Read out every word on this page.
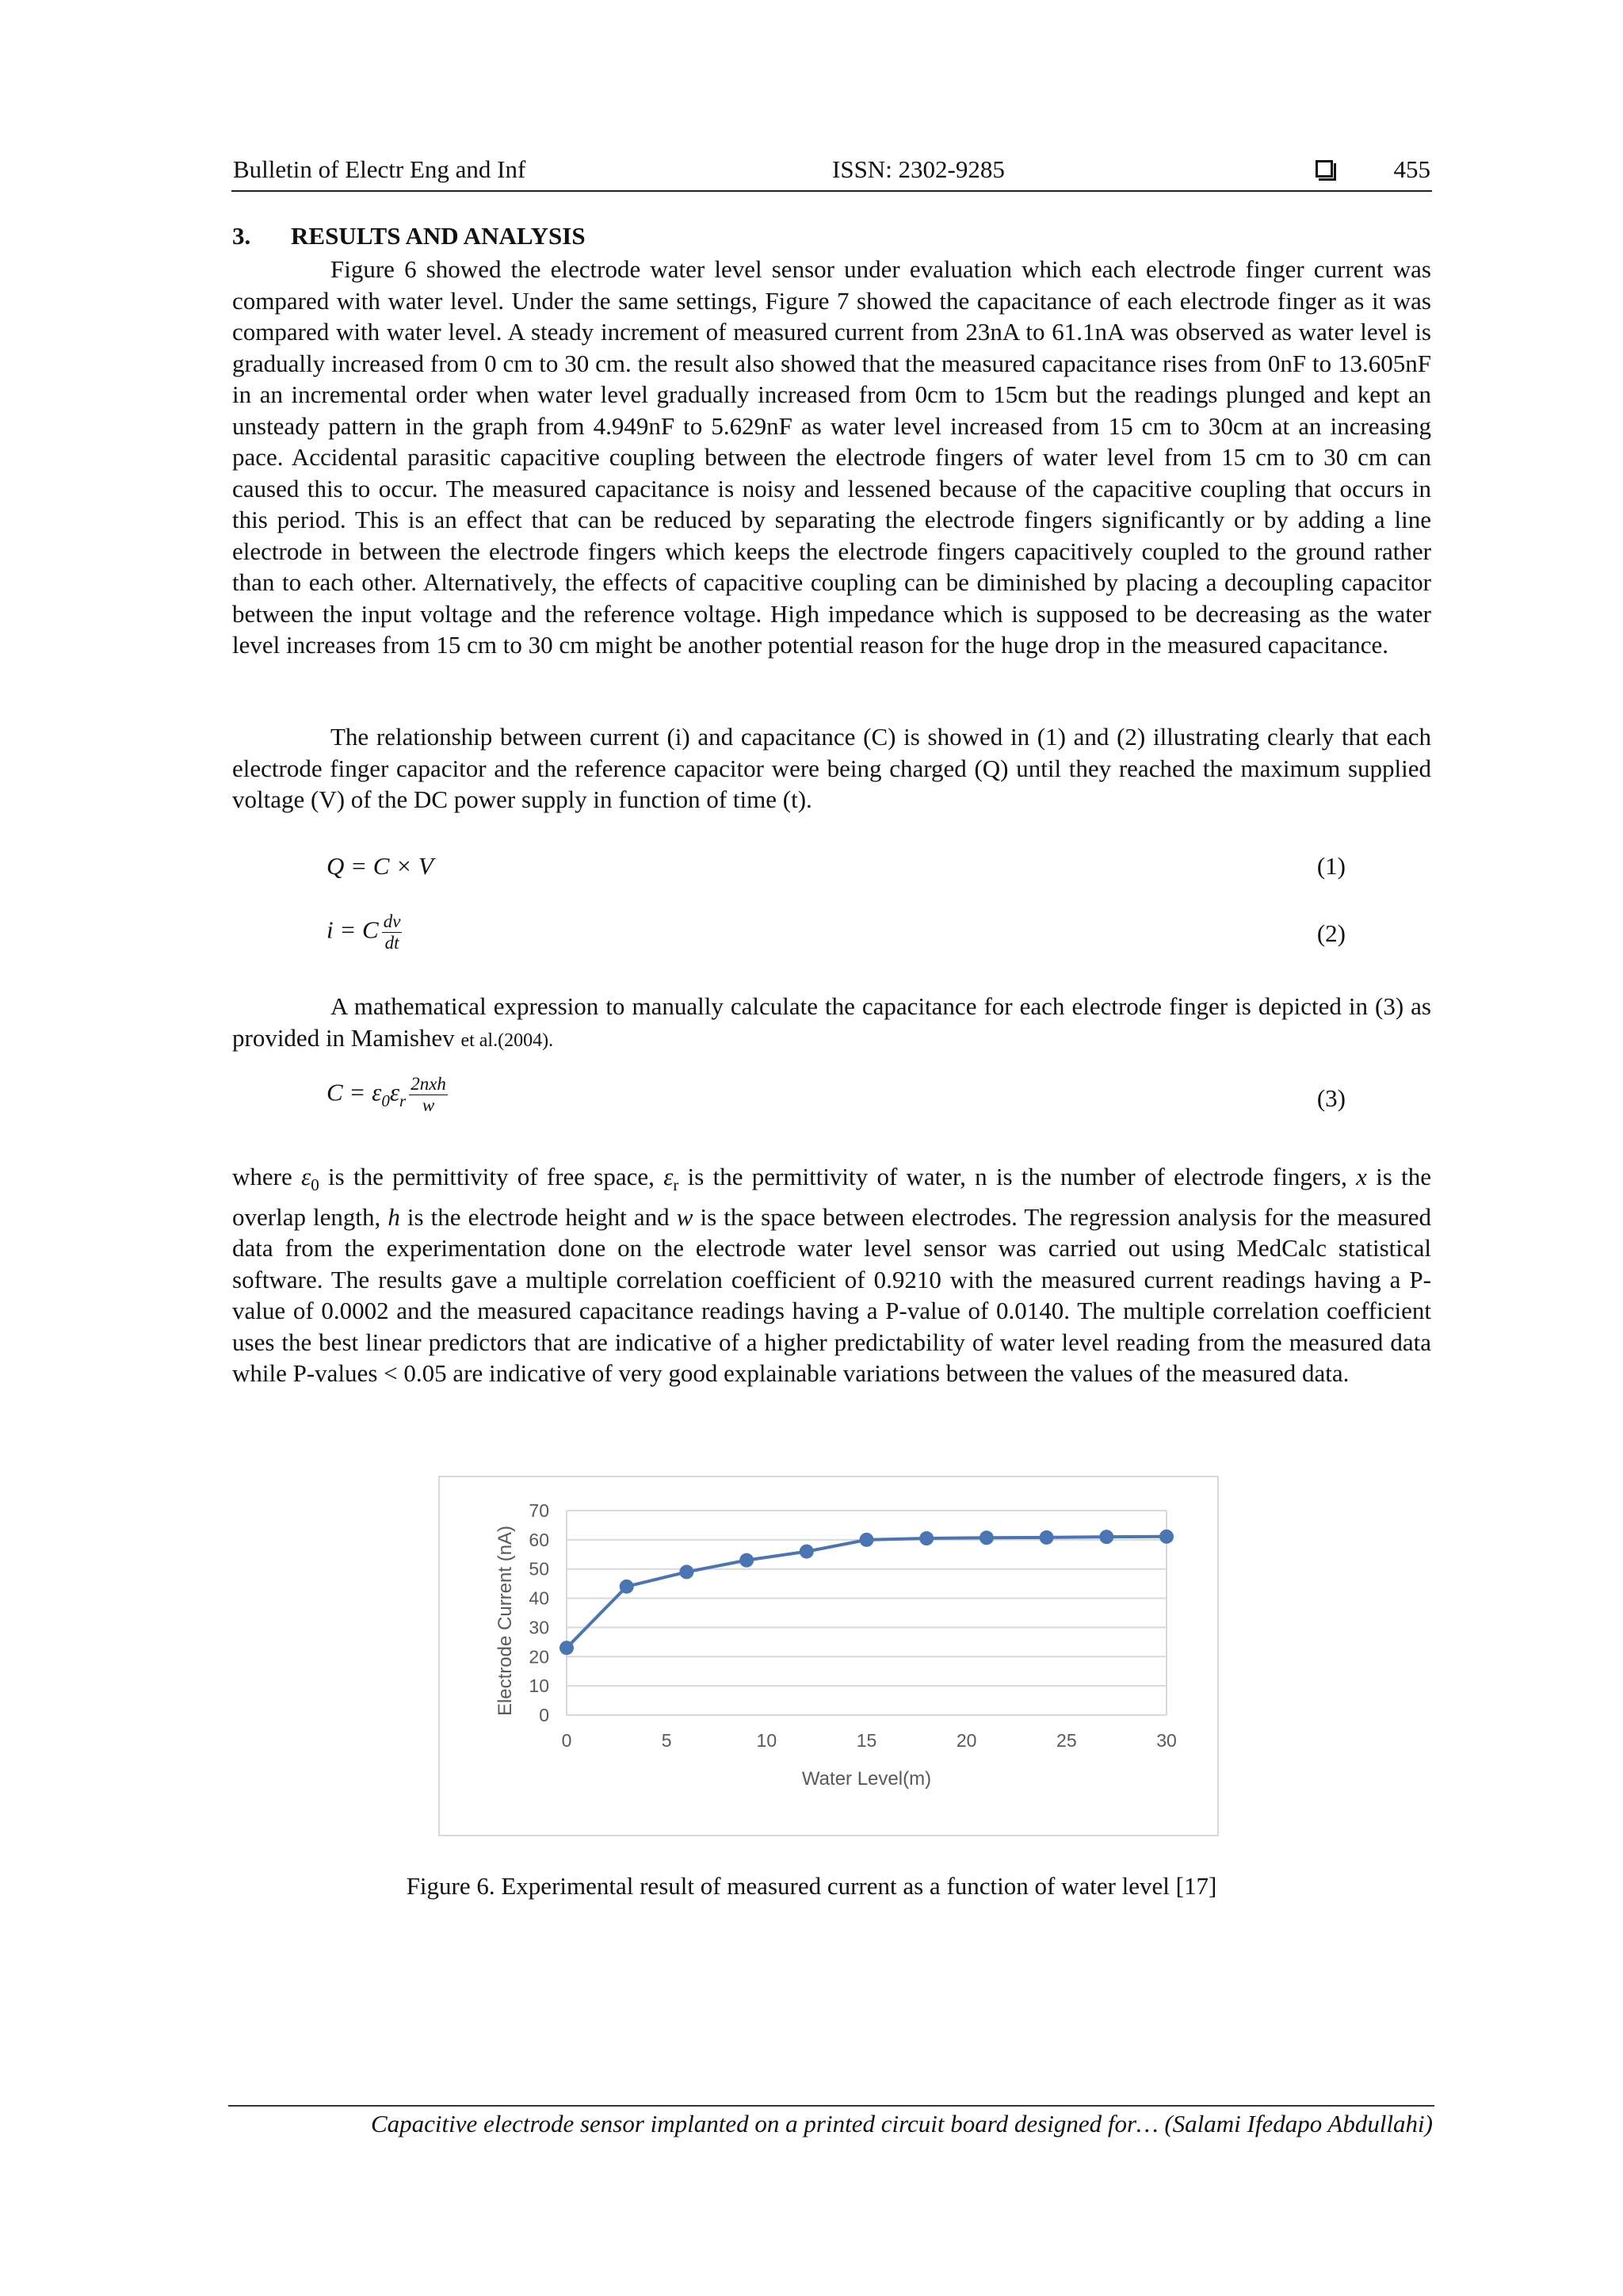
Bulletin of Electr Eng and Inf	ISSN: 2302-9285	455
3. RESULTS AND ANALYSIS
Figure 6 showed the electrode water level sensor under evaluation which each electrode finger current was compared with water level. Under the same settings, Figure 7 showed the capacitance of each electrode finger as it was compared with water level. A steady increment of measured current from 23nA to 61.1nA was observed as water level is gradually increased from 0 cm to 30 cm. the result also showed that the measured capacitance rises from 0nF to 13.605nF in an incremental order when water level gradually increased from 0cm to 15cm but the readings plunged and kept an unsteady pattern in the graph from 4.949nF to 5.629nF as water level increased from 15 cm to 30cm at an increasing pace. Accidental parasitic capacitive coupling between the electrode fingers of water level from 15 cm to 30 cm can caused this to occur. The measured capacitance is noisy and lessened because of the capacitive coupling that occurs in this period. This is an effect that can be reduced by separating the electrode fingers significantly or by adding a line electrode in between the electrode fingers which keeps the electrode fingers capacitively coupled to the ground rather than to each other. Alternatively, the effects of capacitive coupling can be diminished by placing a decoupling capacitor between the input voltage and the reference voltage. High impedance which is supposed to be decreasing as the water level increases from 15 cm to 30 cm might be another potential reason for the huge drop in the measured capacitance.
The relationship between current (i) and capacitance (C) is showed in (1) and (2) illustrating clearly that each electrode finger capacitor and the reference capacitor were being charged (Q) until they reached the maximum supplied voltage (V) of the DC power supply in function of time (t).
Q = C × V	(1)
i = C $\frac{dv}{dt}$	(2)
A mathematical expression to manually calculate the capacitance for each electrode finger is depicted in (3) as provided in Mamishev et al.(2004).
$C = \varepsilon_0\varepsilon_r \frac{\text{2nxh}}{w}$	(3)
where $\varepsilon_0$ is the permittivity of free space, $\varepsilon_r$ is the permittivity of water, n is the number of electrode fingers, x is the overlap length, h is the electrode height and w is the space between electrodes. The regression analysis for the measured data from the experimentation done on the electrode water level sensor was carried out using MedCalc statistical software. The results gave a multiple correlation coefficient of 0.9210 with the measured current readings having a P-value of 0.0002 and the measured capacitance readings having a P-value of 0.0140. The multiple correlation coefficient uses the best linear predictors that are indicative of a higher predictability of water level reading from the measured data while P-values < 0.05 are indicative of very good explainable variations between the values of the measured data.
0
10
20
30
40
50
60
70
0	5	10	15	20	25	30
Water Level(m)
Electrode Current (nA)
Figure 6. Experimental result of measured current as a function of water level [17]
Capacitive electrode sensor implanted on a printed circuit board designed for… (Salami Ifedapo Abdullahi)
